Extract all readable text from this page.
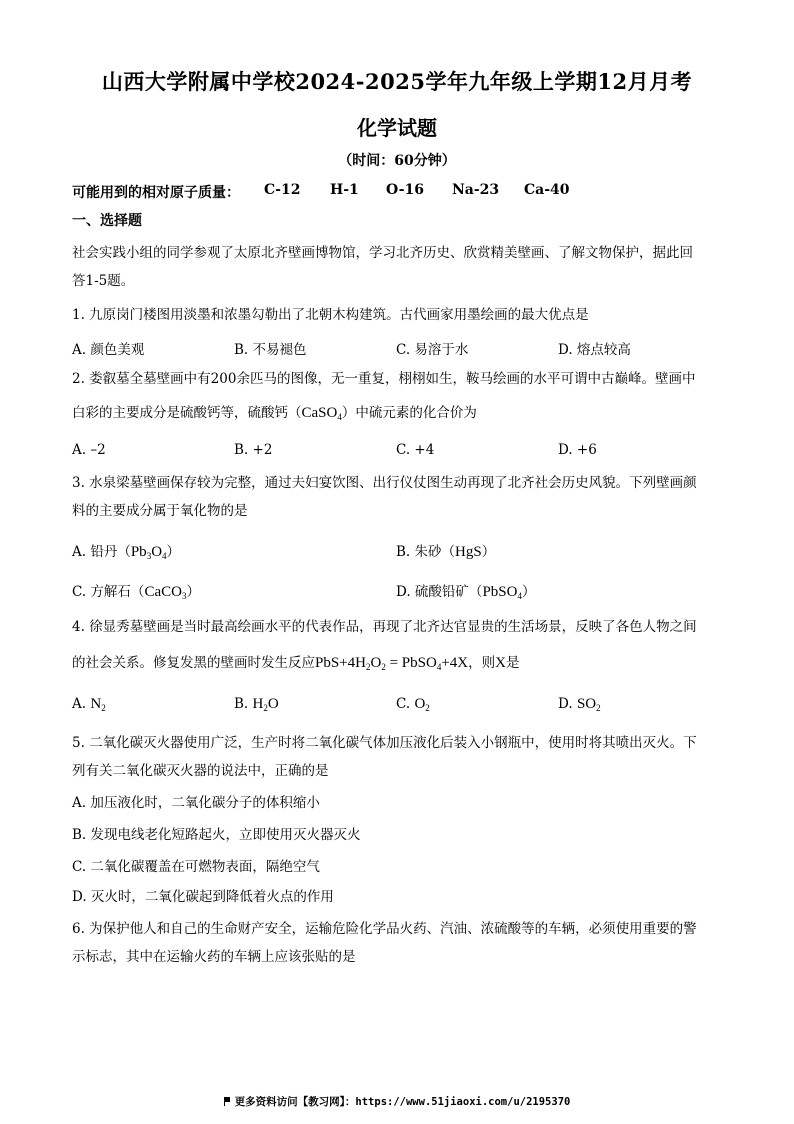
山西大学附属中学校2024-2025学年九年级上学期12月月考
化学试题
（时间：60分钟）
可能用到的相对原子质量： C-12 H-1 O-16 Na-23 Ca-40
一、选择题
社会实践小组的同学参观了太原北齐壁画博物馆，学习北齐历史、欣赏精美壁画、了解文物保护，据此回
答1-5题。
1. 九原岗门楼图用淡墨和浓墨勾勒出了北朝木构建筑。古代画家用墨绘画的最大优点是
A. 颜色美观	B. 不易褪色	C. 易溶于水	D. 熔点较高
2. 娄叡墓全墓壁画中有200余匹马的图像，无一重复，栩栩如生，鞍马绘画的水平可谓中古巅峰。壁画中
白彩的主要成分是硫酸钙等，硫酸钙（CaSO$_4$）中硫元素的化合价为
A. –2	B. +2	C. +4	D. +6
3. 水泉梁墓壁画保存较为完整，通过夫妇宴饮图、出行仪仗图生动再现了北齐社会历史风貌。下列壁画颜
料的主要成分属于氧化物的是
A. 铅丹$(Pb_3O_4)$	B. 朱砂（HgS）
C. 方解石（CaCO$_3$）	D. 硫酸铅矿（PbSO$_4$）
4. 徐显秀墓壁画是当时最高绘画水平的代表作品，再现了北齐达官显贵的生活场景，反映了各色人物之间
的社会关系。修复发黑的壁画时发生反应$PbS+4H_2O_2$ = PbSO$_4$+4X，则X是
A. $N_2$	B. $H_2O$	C. $O_2$	D. $SO_2$
5. 二氧化碳灭火器使用广泛，生产时将二氧化碳气体加压液化后装入小钢瓶中，使用时将其喷出灭火。下
列有关二氧化碳灭火器的说法中，正确的是
A. 加压液化时，二氧化碳分子的体积缩小
B. 发现电线老化短路起火，立即使用灭火器灭火
C. 二氧化碳覆盖在可燃物表面，隔绝空气
D. 灭火时，二氧化碳起到降低着火点的作用
6. 为保护他人和自己的生命财产安全，运输危险化学品火药、汽油、浓硫酸等的车辆，必须使用重要的警
示标志，其中在运输火药的车辆上应该张贴的是
更多资料访问【教习网】：https://www.51jiaoxi.com/u/2195370
